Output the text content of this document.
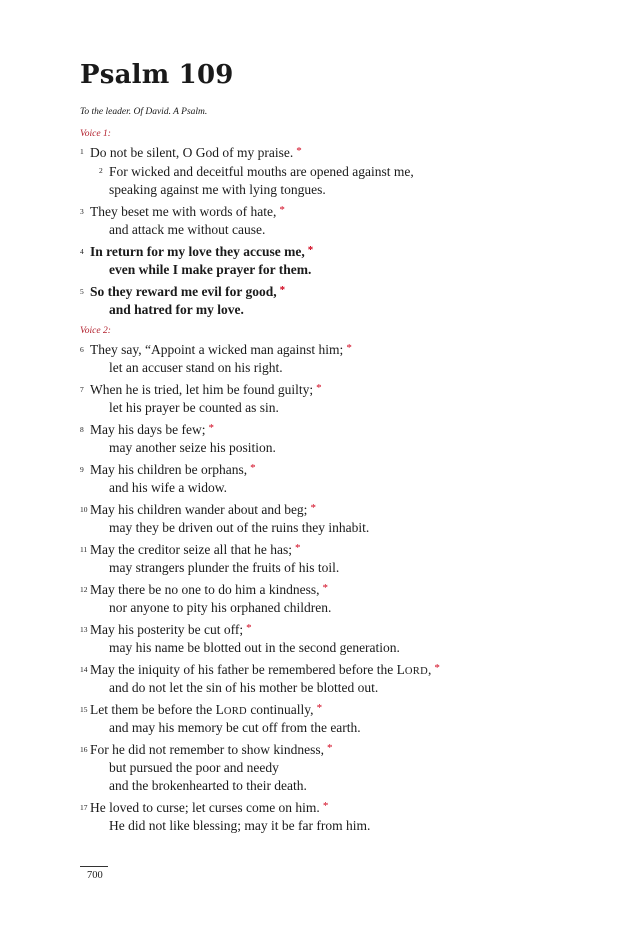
Psalm 109
To the leader. Of David. A Psalm.
Voice 1:
1 Do not be silent, O God of my praise. *
2 For wicked and deceitful mouths are opened against me,
speaking against me with lying tongues.
3 They beset me with words of hate, *
and attack me without cause.
4 In return for my love they accuse me, *
even while I make prayer for them.
5 So they reward me evil for good, *
and hatred for my love.
Voice 2:
6 They say, “Appoint a wicked man against him; *
let an accuser stand on his right.
7 When he is tried, let him be found guilty; *
let his prayer be counted as sin.
8 May his days be few; *
may another seize his position.
9 May his children be orphans, *
and his wife a widow.
10 May his children wander about and beg; *
may they be driven out of the ruins they inhabit.
11 May the creditor seize all that he has; *
may strangers plunder the fruits of his toil.
12 May there be no one to do him a kindness, *
nor anyone to pity his orphaned children.
13 May his posterity be cut off; *
may his name be blotted out in the second generation.
14 May the iniquity of his father be remembered before the LORD, *
and do not let the sin of his mother be blotted out.
15 Let them be before the LORD continually, *
and may his memory be cut off from the earth.
16 For he did not remember to show kindness, *
but pursued the poor and needy
and the brokenhearted to their death.
17 He loved to curse; let curses come on him. *
He did not like blessing; may it be far from him.
700
